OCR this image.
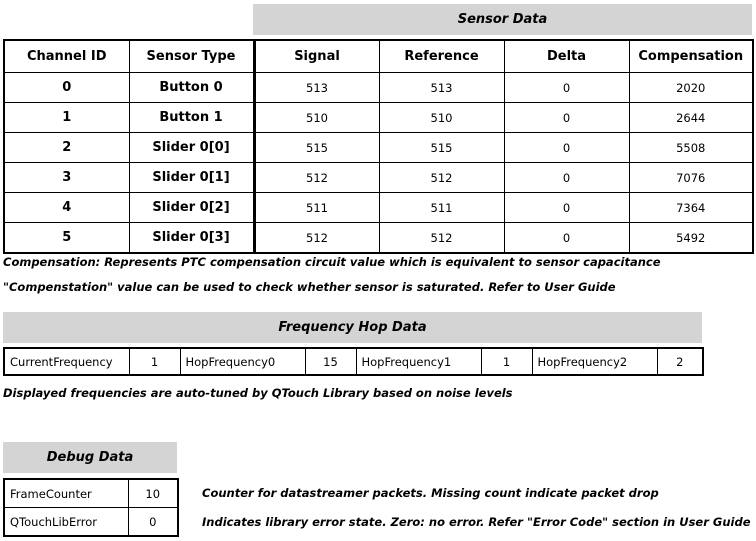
Sensor Data
Channel ID	Sensor Type	Signal	Reference	Delta	Compensation
0	Button 0	513	513	0	2020
1	Button 1	510	510	0	2644
2	Slider 0[0]	515	515	0	5508
3	Slider 0[1]	512	512	0	7076
4	Slider 0[2]	511	511	0	7364
5	Slider 0[3]	512	512	0	5492
Compensation: Represents PTC compensation circuit value which is equivalent to sensor capacitance
"Compenstation" value can be used to check whether sensor is saturated. Refer to User Guide
Frequency Hop Data
CurrentFrequency	1	HopFrequency0	15	HopFrequency1	1	HopFrequency2	2
Displayed frequencies are auto-tuned by QTouch Library based on noise levels
Debug Data
FrameCounter	10
QTouchLibError	0
Counter for datastreamer packets. Missing count indicate packet drop
Indicates library error state. Zero: no error. Refer "Error Code" section in User Guide
